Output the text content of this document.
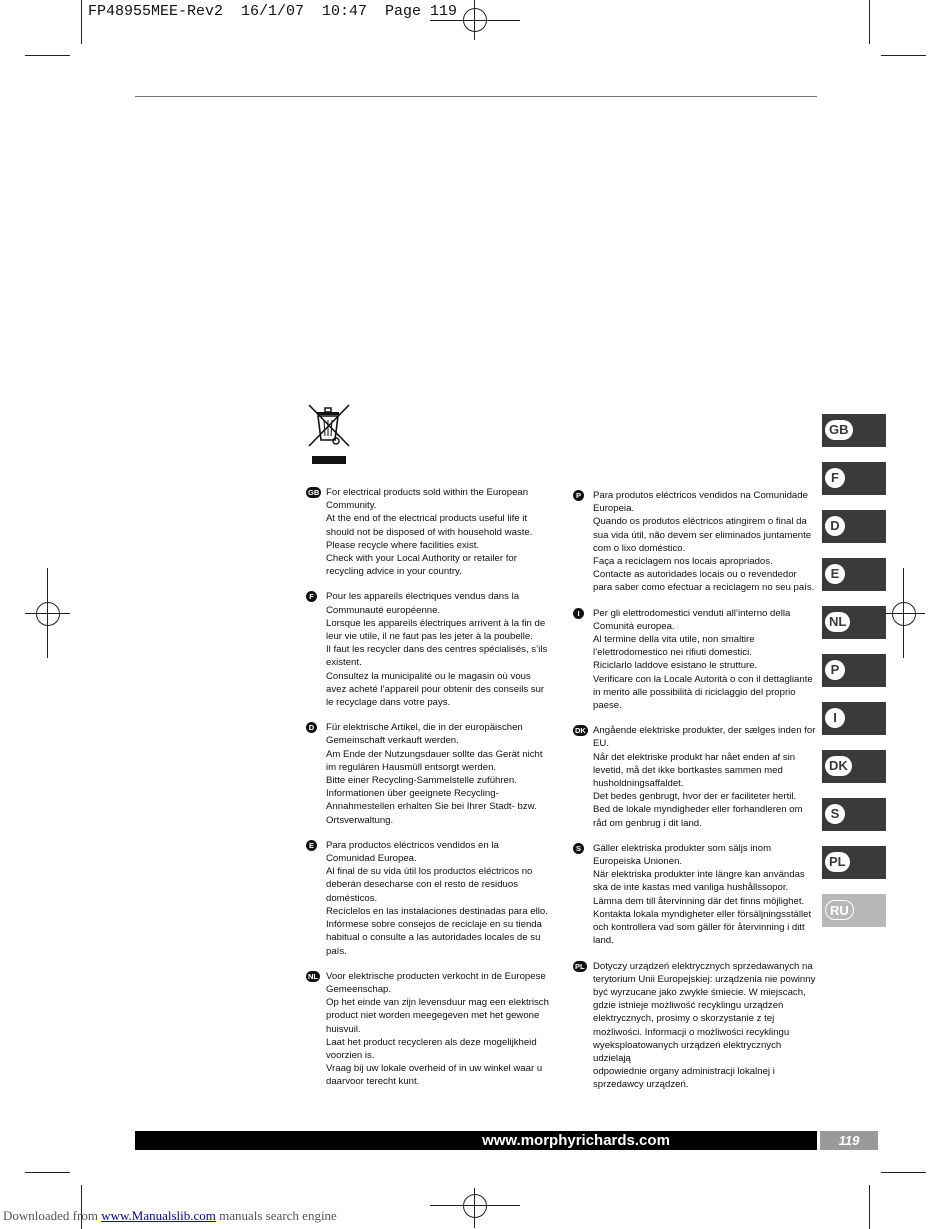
FP48955MEE-Rev2  16/1/07  10:47  Page 119
GB For electrical products sold within the European
Community.
At the end of the electrical products useful life it
should not be disposed of with household waste.
Please recycle where facilities exist.
Check with your Local Authority or retailer for
recycling advice in your country.

F	Pour les appareils électriques vendus dans la
Communauté européenne.
Lorsque les appareils électriques arrivent à la fin de
leur vie utile, il ne faut pas les jeter à la poubelle.
Il faut les recycler dans des centres spécialisés, s’ils
existent.
Consultez la municipalité ou le magasin où vous
avez acheté l’appareil pour obtenir des conseils sur
le recyclage dans votre pays.

D Für elektrische Artikel, die in der europäischen
Gemeinschaft verkauft werden.
Am Ende der Nutzungsdauer sollte das Gerät nicht
im regulären Hausmüll entsorgt werden.
Bitte einer Recycling-Sammelstelle zuführen.
Informationen über geeignete Recycling-
Annahmestellen erhalten Sie bei Ihrer Stadt- bzw.
Ortsverwaltung.

E	Para productos eléctricos vendidos en la
Comunidad Europea.
Al final de su vida útil los productos eléctricos no
deberán desecharse con el resto de residuos
domésticos.
Recíclelos en las instalaciones destinadas para ello.
Infórmese sobre consejos de reciclaje en su tienda
habitual o consulte a las autoridades locales de su
país.

NL Voor elektrische producten verkocht in de Europese
Gemeenschap.
Op het einde van zijn levensduur mag een elektrisch
product niet worden meegegeven met het gewone
huisvuil.
Laat het product recycleren als deze mogelijkheid
voorzien is.
Vraag bij uw lokale overheid of in uw winkel waar u
daarvoor terecht kunt.

P	Para produtos eléctricos vendidos na Comunidade
Europeia.
Quando os produtos eléctricos atingirem o final da
sua vida útil, não devem ser eliminados juntamente
com o lixo doméstico.
Faça a reciclagem nos locais apropriados.
Contacte as autoridades locais ou o revendedor
para saber como efectuar a reciclagem no seu país.

I	Per gli elettrodomestici venduti all’interno della
Comunità europea.
Al termine della vita utile, non smaltire
l’elettrodomestico nei rifiuti domestici.
Riciclarlo laddove esistano le strutture.
Verificare con la Locale Autorità o con il dettagliante
in merito alle possibilità di riciclaggio del proprio
paese.

DK Angående elektriske produkter, der sælges inden for
EU.
Når det elektriske produkt har nået enden af sin
levetid, må det ikke bortkastes sammen med
husholdningsaffaldet.
Det bedes genbrugt, hvor der er faciliteter hertil.
Bed de lokale myndigheder eller forhandleren om
råd om genbrug i dit land.

S	Gäller elektriska produkter som säljs inom
Europeiska Unionen.
När elektriska produkter inte längre kan användas
ska de inte kastas med vanliga hushållssopor.
Lämna dem till återvinning där det finns möjlighet.
Kontakta lokala myndigheter eller försäljningsstället
och kontrollera vad som gäller för återvinning i ditt
land.

PL Dotyczy urządzeń elektrycznych sprzedawanych na
terytorium Unii Europejskiej: urządzenia nie powinny
być wyrzucane jako zwykłe śmiecie. W miejscach,
gdzie istnieje możliwość recyklingu urządzeń
elektrycznych, prosimy o skorzystanie z tej
możliwości. Informacji o możliwości recyklingu
wyeksploatowanych urządzeń elektrycznych udzielają
odpowiednie organy administracji lokalnej i
sprzedawcy urządzeń.

GB
F
D
E
NL
P
I
DK
S
PL
RU
www.morphyrichards.com	119
Downloaded from www.Manualslib.com manuals search engine
